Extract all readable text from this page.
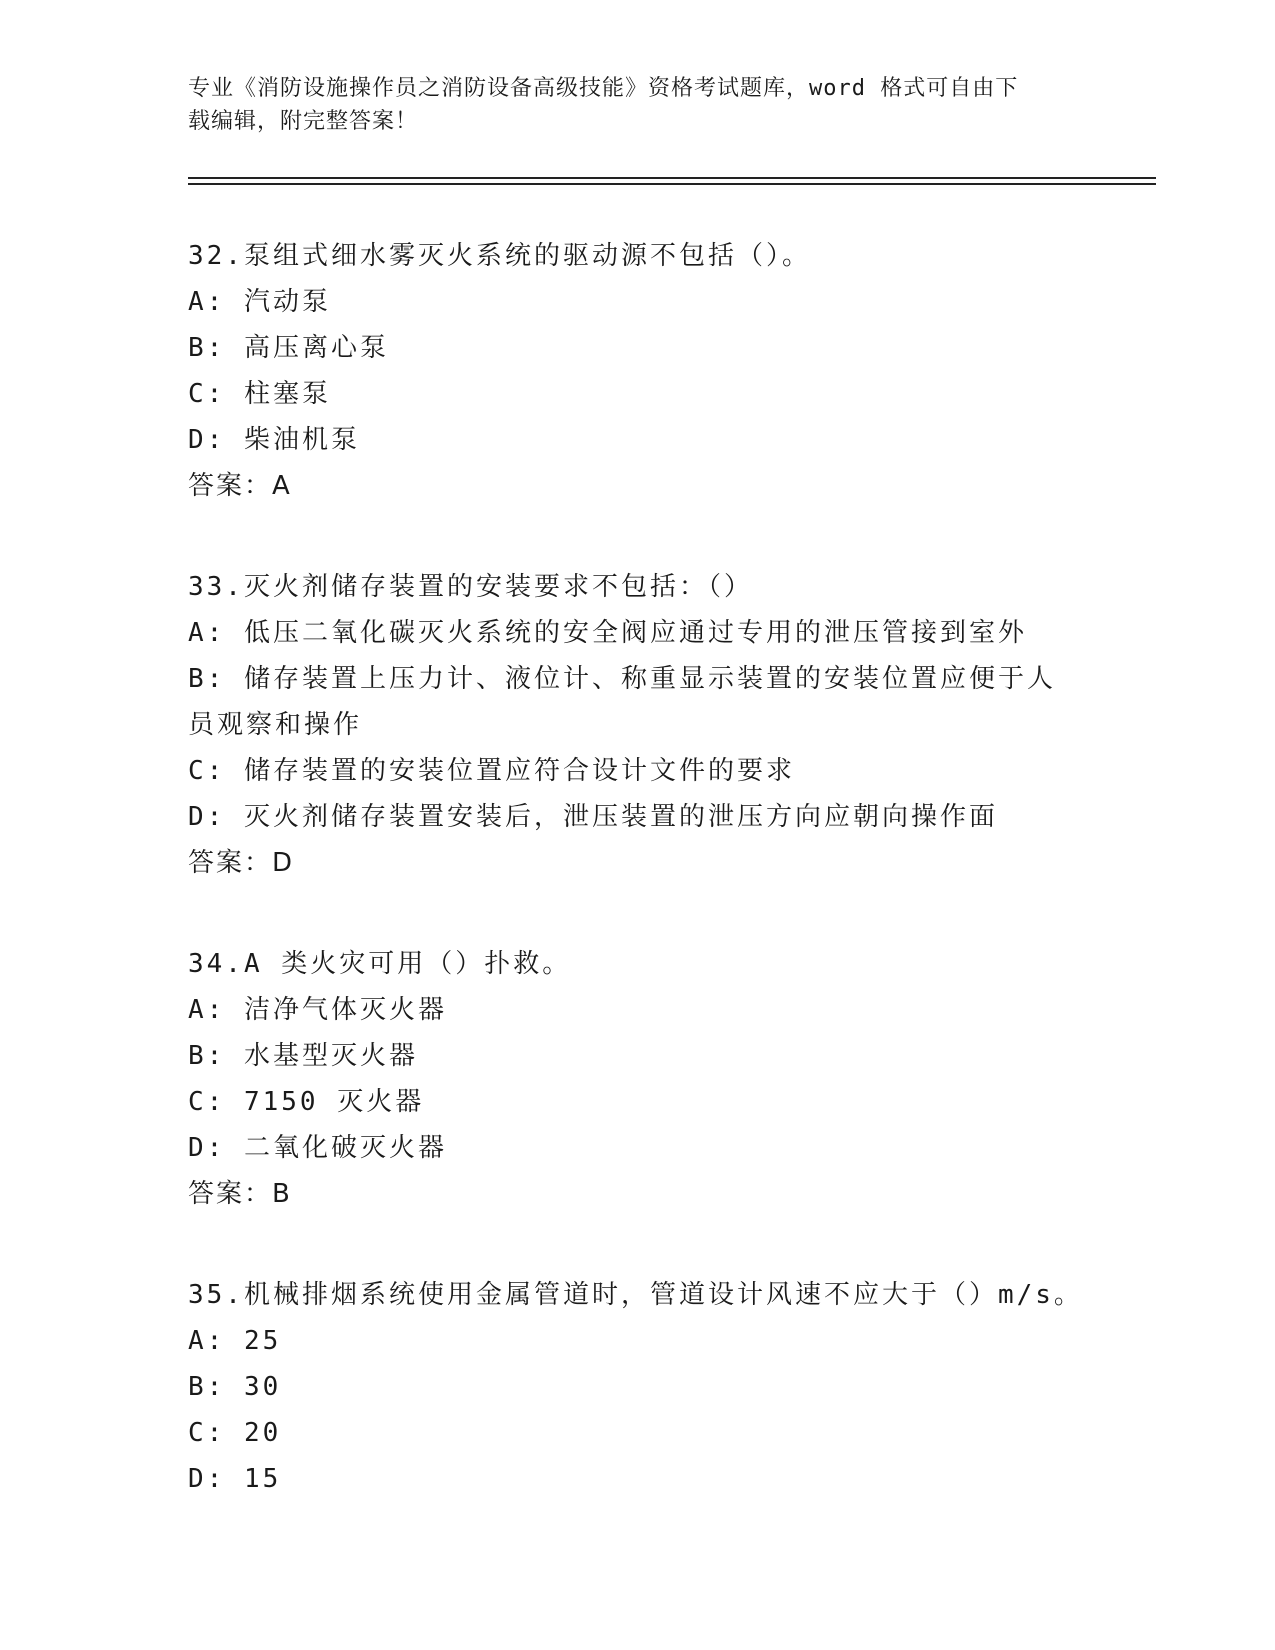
专业《消防设施操作员之消防设备高级技能》资格考试题库，word 格式可自由下
载编辑，附完整答案！
32.泵组式细水雾灭火系统的驱动源不包括（）。
A: 汽动泵
B: 高压离心泵
C: 柱塞泵
D: 柴油机泵
答案：A
33.灭火剂储存装置的安装要求不包括：（）
A: 低压二氧化碳灭火系统的安全阀应通过专用的泄压管接到室外
B: 储存装置上压力计、液位计、称重显示装置的安装位置应便于人员观察和操作
C: 储存装置的安装位置应符合设计文件的要求
D: 灭火剂储存装置安装后，泄压装置的泄压方向应朝向操作面
答案：D
34.A 类火灾可用（）扑救。
A: 洁净气体灭火器
B: 水基型灭火器
C: 7150 灭火器
D: 二氧化破灭火器
答案：B
35.机械排烟系统使用金属管道时，管道设计风速不应大于（）m/s。
A: 25
B: 30
C: 20
D: 15
